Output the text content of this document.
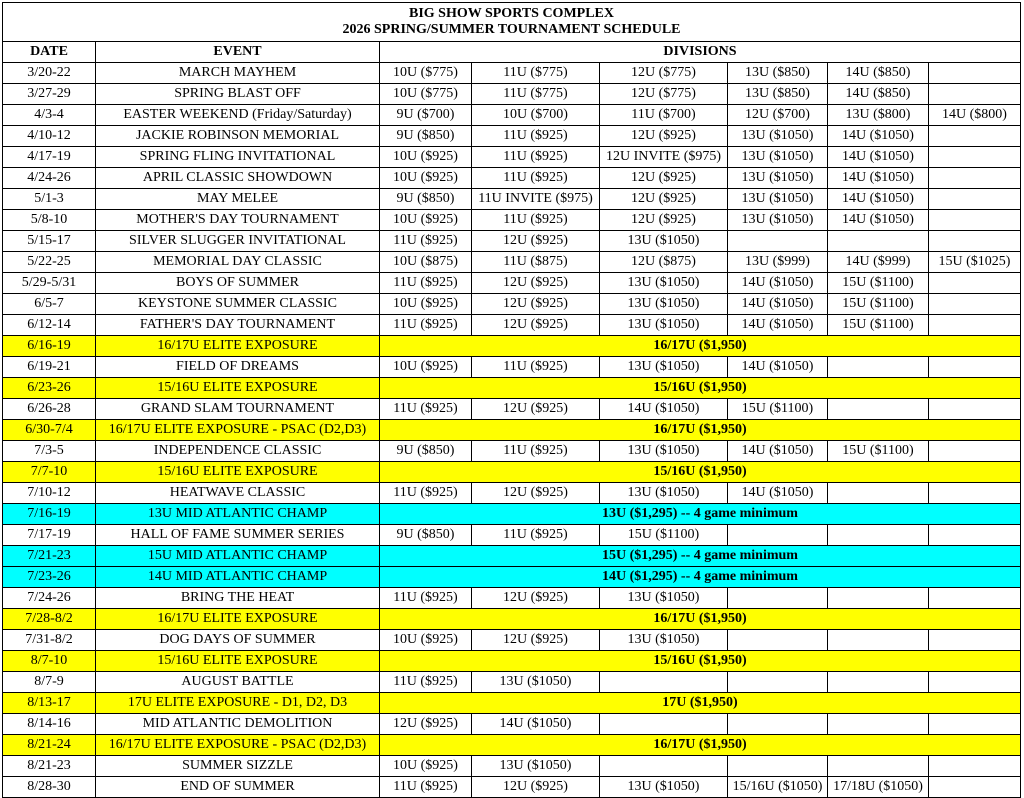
BIG SHOW SPORTS COMPLEX
2026 SPRING/SUMMER TOURNAMENT SCHEDULE							

DATE	EVENT	DIVISIONS					
3/20-22	MARCH MAYHEM	10U ($775)	11U ($775)	12U ($775)	13U ($850)	14U ($850)	
3/27-29	SPRING BLAST OFF	10U ($775)	11U ($775)	12U ($775)	13U ($850)	14U ($850)	
4/3-4	EASTER WEEKEND (Friday/Saturday)	9U ($700)	10U ($700)	11U ($700)	12U ($700)	13U ($800)	14U ($800)
4/10-12	JACKIE ROBINSON MEMORIAL	9U ($850)	11U ($925)	12U ($925)	13U ($1050)	14U ($1050)	
4/17-19	SPRING FLING INVITATIONAL	10U ($925)	11U ($925)	12U INVITE ($975)	13U ($1050)	14U ($1050)	
4/24-26	APRIL CLASSIC SHOWDOWN	10U ($925)	11U ($925)	12U ($925)	13U ($1050)	14U ($1050)	
5/1-3	MAY MELEE	9U ($850)	11U INVITE ($975)	12U ($925)	13U ($1050)	14U ($1050)	
5/8-10	MOTHER'S DAY TOURNAMENT	10U ($925)	11U ($925)	12U ($925)	13U ($1050)	14U ($1050)	
5/15-17	SILVER SLUGGER INVITATIONAL	11U ($925)	12U ($925)	13U ($1050)			
5/22-25	MEMORIAL DAY CLASSIC	10U ($875)	11U ($875)	12U ($875)	13U ($999)	14U ($999)	15U ($1025)
5/29-5/31	BOYS OF SUMMER	11U ($925)	12U ($925)	13U ($1050)	14U ($1050)	15U ($1100)	
6/5-7	KEYSTONE SUMMER CLASSIC	10U ($925)	12U ($925)	13U ($1050)	14U ($1050)	15U ($1100)	
6/12-14	FATHER'S DAY TOURNAMENT	11U ($925)	12U ($925)	13U ($1050)	14U ($1050)	15U ($1100)	
6/16-19	16/17U ELITE EXPOSURE	16/17U ($1,950)					
6/19-21	FIELD OF DREAMS	10U ($925)	11U ($925)	13U ($1050)	14U ($1050)		
6/23-26	15/16U ELITE EXPOSURE	15/16U ($1,950)					
6/26-28	GRAND SLAM TOURNAMENT	11U ($925)	12U ($925)	14U ($1050)	15U ($1100)		
6/30-7/4	16/17U ELITE EXPOSURE - PSAC (D2,D3)	16/17U ($1,950)					
7/3-5	INDEPENDENCE CLASSIC	9U ($850)	11U ($925)	13U ($1050)	14U ($1050)	15U ($1100)	
7/7-10	15/16U ELITE EXPOSURE	15/16U ($1,950)					
7/10-12	HEATWAVE CLASSIC	11U ($925)	12U ($925)	13U ($1050)	14U ($1050)		
7/16-19	13U MID ATLANTIC CHAMP	13U ($1,295) -- 4 game minimum					
7/17-19	HALL OF FAME SUMMER SERIES	9U ($850)	11U ($925)	15U ($1100)			
7/21-23	15U MID ATLANTIC CHAMP	15U ($1,295) -- 4 game minimum					
7/23-26	14U MID ATLANTIC CHAMP	14U ($1,295) -- 4 game minimum					
7/24-26	BRING THE HEAT	11U ($925)	12U ($925)	13U ($1050)			
7/28-8/2	16/17U ELITE EXPOSURE	16/17U ($1,950)					
7/31-8/2	DOG DAYS OF SUMMER	10U ($925)	12U ($925)	13U ($1050)			
8/7-10	15/16U ELITE EXPOSURE	15/16U ($1,950)					
8/7-9	AUGUST BATTLE	11U ($925)	13U ($1050)				
8/13-17	17U ELITE EXPOSURE - D1, D2, D3	17U ($1,950)					
8/14-16	MID ATLANTIC DEMOLITION	12U ($925)	14U ($1050)				
8/21-24	16/17U ELITE EXPOSURE - PSAC (D2,D3)	16/17U ($1,950)					
8/21-23	SUMMER SIZZLE	10U ($925)	13U ($1050)				
8/28-30	END OF SUMMER	11U ($925)	12U ($925)	13U ($1050)	15/16U ($1050)	17/18U ($1050)	
